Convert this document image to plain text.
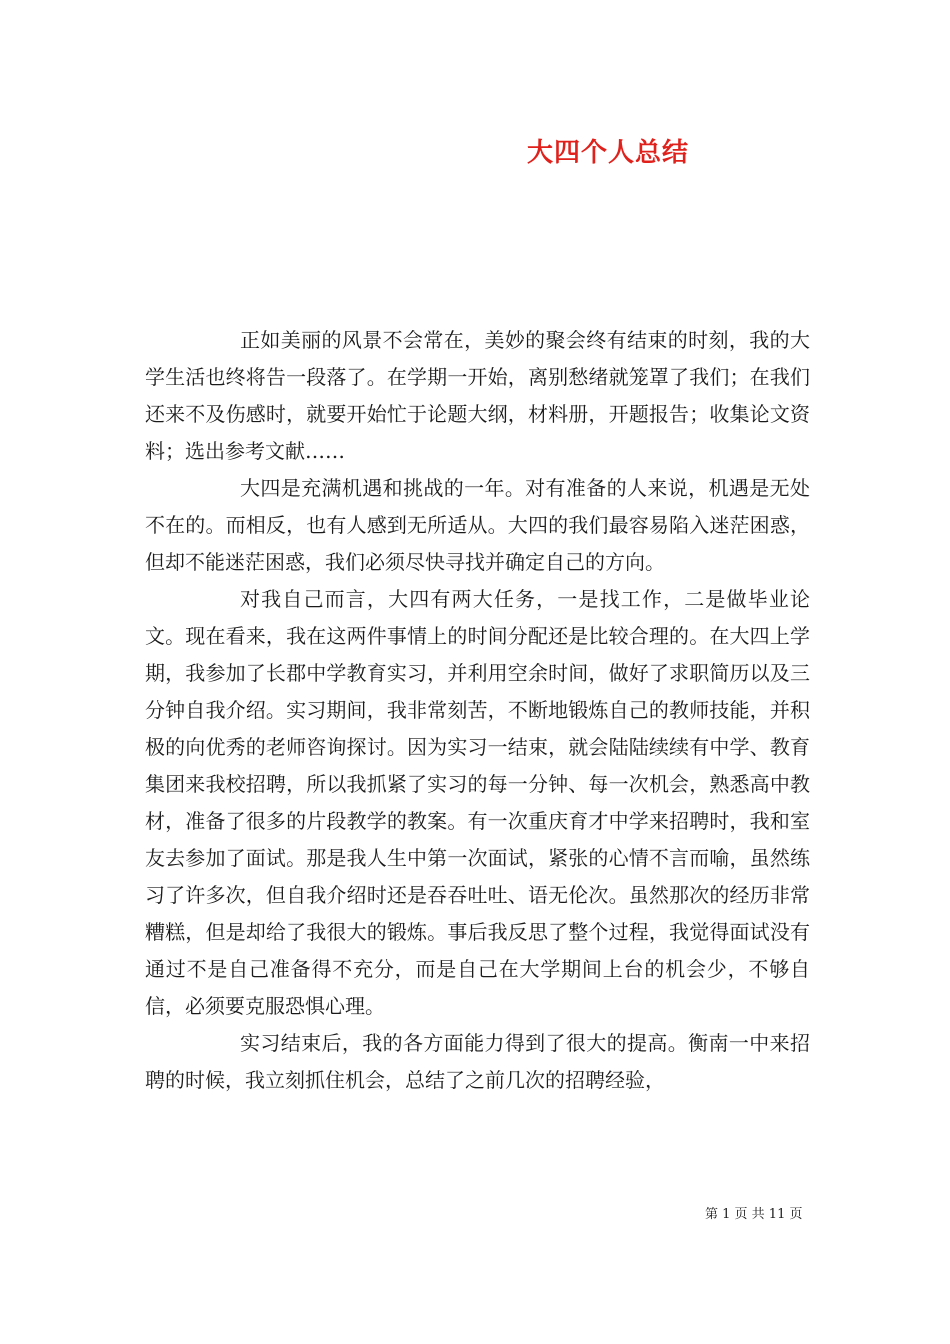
大四个人总结

正如美丽的风景不会常在，美妙的聚会终有结束的时刻，我的大学生活也终将告一段落了。在学期一开始，离别愁绪就笼罩了我们；在我们还来不及伤感时，就要开始忙于论题大纲，材料册，开题报告；收集论文资料；选出参考文献……

大四是充满机遇和挑战的一年。对有准备的人来说，机遇是无处不在的。而相反，也有人感到无所适从。大四的我们最容易陷入迷茫困惑，但却不能迷茫困惑，我们必须尽快寻找并确定自己的方向。

对我自己而言，大四有两大任务，一是找工作，二是做毕业论文。现在看来，我在这两件事情上的时间分配还是比较合理的。在大四上学期，我参加了长郡中学教育实习，并利用空余时间，做好了求职简历以及三分钟自我介绍。实习期间，我非常刻苦，不断地锻炼自己的教师技能，并积极的向优秀的老师咨询探讨。因为实习一结束，就会陆陆续续有中学、教育集团来我校招聘，所以我抓紧了实习的每一分钟、每一次机会，熟悉高中教材，准备了很多的片段教学的教案。有一次重庆育才中学来招聘时，我和室友去参加了面试。那是我人生中第一次面试，紧张的心情不言而喻，虽然练习了许多次，但自我介绍时还是吞吞吐吐、语无伦次。虽然那次的经历非常糟糕，但是却给了我很大的锻炼。事后我反思了整个过程，我觉得面试没有通过不是自己准备得不充分，而是自己在大学期间上台的机会少，不够自信，必须要克服恐惧心理。

实习结束后，我的各方面能力得到了很大的提高。衡南一中来招聘的时候，我立刻抓住机会，总结了之前几次的招聘经验，

第 1 页 共 11 页
